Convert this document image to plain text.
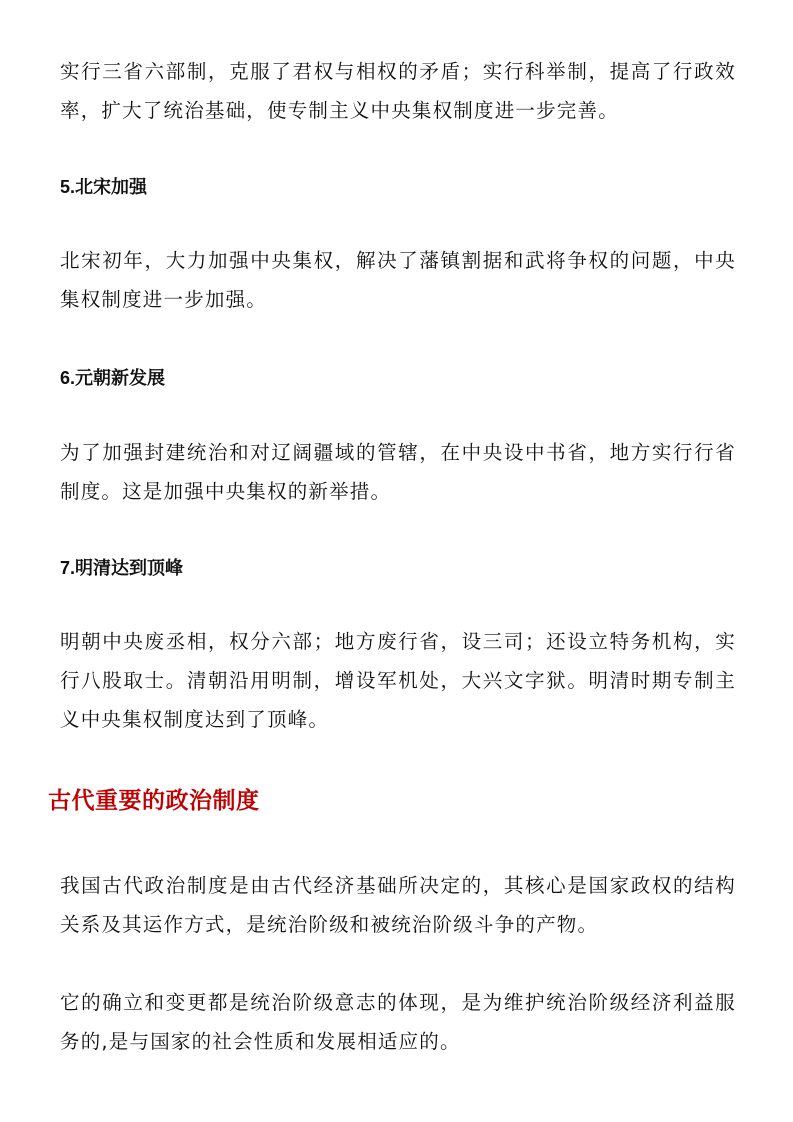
实行三省六部制，克服了君权与相权的矛盾；实行科举制，提高了行政效率，扩大了统治基础，使专制主义中央集权制度进一步完善。

5.北宋加强

北宋初年，大力加强中央集权，解决了藩镇割据和武将争权的问题，中央集权制度进一步加强。

6.元朝新发展

为了加强封建统治和对辽阔疆域的管辖，在中央设中书省，地方实行行省制度。这是加强中央集权的新举措。

7.明清达到顶峰

明朝中央废丞相，权分六部；地方废行省，设三司；还设立特务机构，实行八股取士。清朝沿用明制，增设军机处，大兴文字狱。明清时期专制主义中央集权制度达到了顶峰。

古代重要的政治制度

我国古代政治制度是由古代经济基础所决定的，其核心是国家政权的结构关系及其运作方式，是统治阶级和被统治阶级斗争的产物。

它的确立和变更都是统治阶级意志的体现，是为维护统治阶级经济利益服务的,是与国家的社会性质和发展相适应的。
